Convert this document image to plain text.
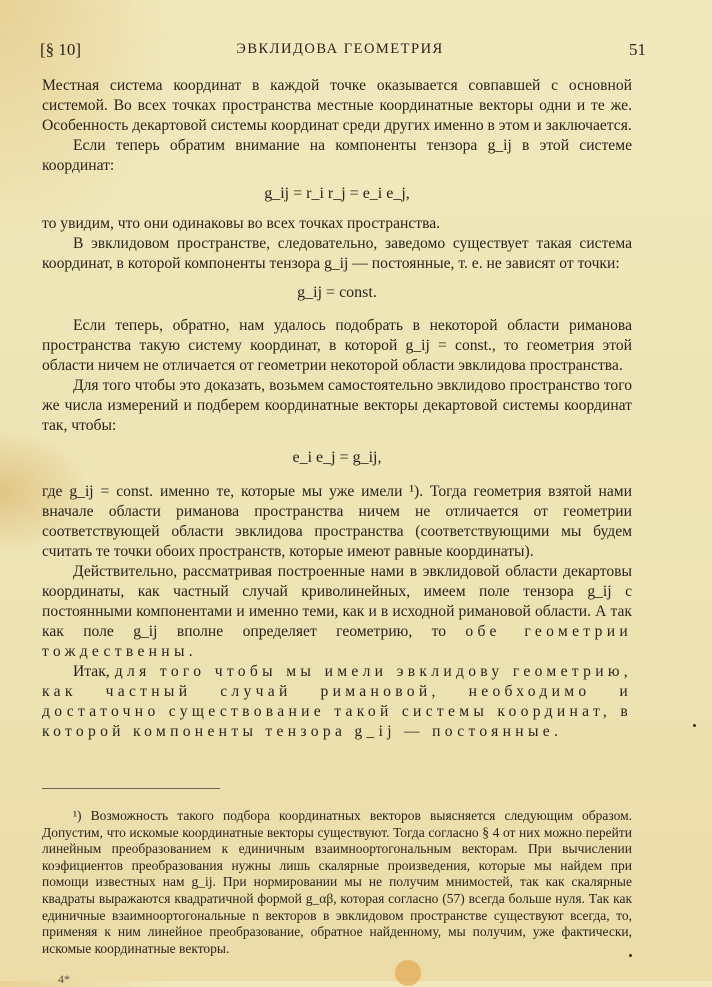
[§ 10]	ЭВКЛИДОВА ГЕОМЕТРИЯ	51

Местная система координат в каждой точке оказывается совпавшей с основной системой. Во всех точках пространства местные координатные векторы одни и те же. Особенность декартовой системы координат среди других именно в этом и заключается.

Если теперь обратим внимание на компоненты тензора g_ij в этой системе координат:

g_ij = r_i r_j = e_i e_j,

то увидим, что они одинаковы во всех точках пространства.

В эвклидовом пространстве, следовательно, заведомо существует такая система координат, в которой компоненты тензора g_ij — постоянные, т. е. не зависят от точки:

g_ij = const.

Если теперь, обратно, нам удалось подобрать в некоторой области риманова пространства такую систему координат, в которой g_ij = const., то геометрия этой области ничем не отличается от геометрии некоторой области эвклидова пространства.

Для того чтобы это доказать, возьмем самостоятельно эвклидово пространство того же числа измерений и подберем координатные векторы декартовой системы координат так, чтобы:

e_i e_j = g_ij,

где g_ij = const. именно те, которые мы уже имели ¹). Тогда геометрия взятой нами вначале области риманова пространства ничем не отличается от геометрии соответствующей области эвклидова пространства (соответствующими мы будем считать те точки обоих пространств, которые имеют равные координаты).

Действительно, рассматривая построенные нами в эвклидовой области декартовы координаты, как частный случай криволинейных, имеем поле тензора g_ij с постоянными компонентами и именно теми, как и в исходной римановой области. А так как поле g_ij вполне определяет геометрию, то обе геометрии тождественны.

Итак, для того чтобы мы имели эвклидову геометрию, как частный случай римановой, необходимо и достаточно существование такой системы координат, в которой компоненты тензора g_ij — постоянные.

¹) Возможность такого подбора координатных векторов выясняется следующим образом. Допустим, что искомые координатные векторы существуют. Тогда согласно § 4 от них можно перейти линейным преобразованием к единичным взаимноортогональным векторам. При вычислении коэфициентов преобразования нужны лишь скалярные произведения, которые мы найдем при помощи известных нам g_ij. При нормировании мы не получим мнимостей, так как скалярные квадраты выражаются квадратичной формой g_αβ, которая согласно (57) всегда больше нуля. Так как единичные взаимноортогональные n векторов в эвклидовом пространстве существуют всегда, то, применяя к ним линейное преобразование, обратное найденному, мы получим, уже фактически, искомые координатные векторы.

4*
